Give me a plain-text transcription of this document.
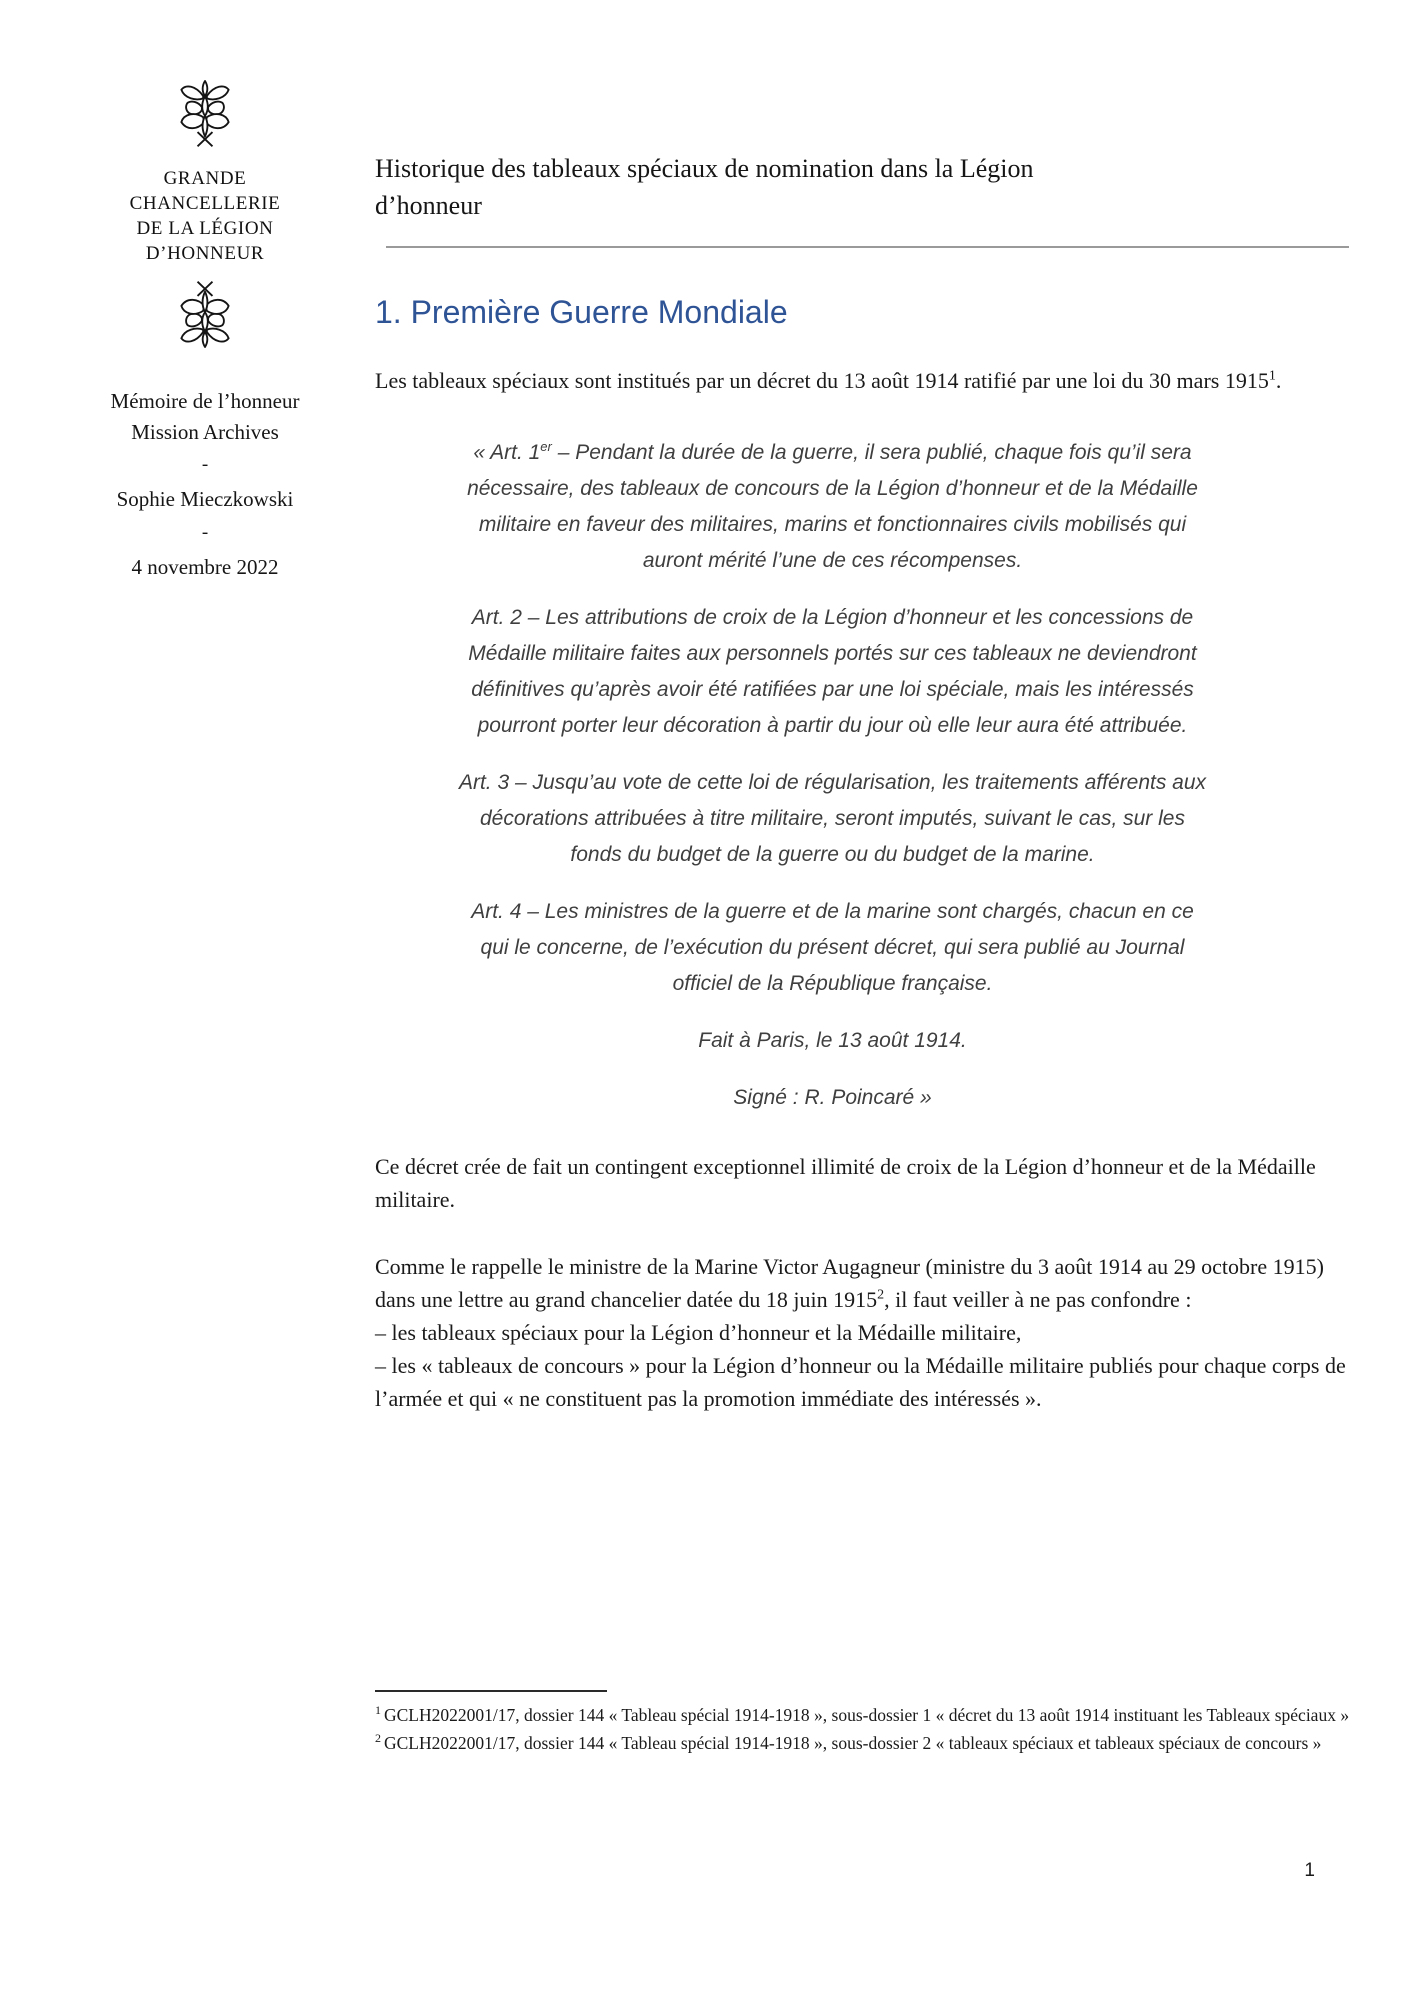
GRANDE
CHANCELLERIE
DE LA LÉGION
D’HONNEUR
Mémoire de l’honneur
Mission Archives
-
Sophie Mieczkowski
-
4 novembre 2022
Historique des tableaux spéciaux de nomination dans la Légion
d’honneur
1. Première Guerre Mondiale

Les tableaux spéciaux sont institués par un décret du 13 août 1914 ratifié par une loi du 30 mars 1915$^1$.

« Art. 1er – Pendant la durée de la guerre, il sera publié, chaque fois qu’il sera nécessaire, des tableaux de concours de la Légion d’honneur et de la Médaille militaire en faveur des militaires, marins et fonctionnaires civils mobilisés qui auront mérité l’une de ces récompenses.

Art. 2 – Les attributions de croix de la Légion d’honneur et les concessions de Médaille militaire faites aux personnels portés sur ces tableaux ne deviendront définitives qu’après avoir été ratifiées par une loi spéciale, mais les intéressés pourront porter leur décoration à partir du jour où elle leur aura été attribuée.

Art. 3 – Jusqu’au vote de cette loi de régularisation, les traitements afférents aux décorations attribuées à titre militaire, seront imputés, suivant le cas, sur les fonds du budget de la guerre ou du budget de la marine.

Art. 4 – Les ministres de la guerre et de la marine sont chargés, chacun en ce qui le concerne, de l’exécution du présent décret, qui sera publié au Journal officiel de la République française.

Fait à Paris, le 13 août 1914.

Signé : R. Poincaré »

Ce décret crée de fait un contingent exceptionnel illimité de croix de la Légion d’honneur et de la Médaille militaire.

Comme le rappelle le ministre de la Marine Victor Augagneur (ministre du 3 août 1914 au 29 octobre 1915) dans une lettre au grand chancelier datée du 18 juin 1915$^2$, il faut veiller à ne pas confondre :

– les tableaux spéciaux pour la Légion d’honneur et la Médaille militaire,

– les « tableaux de concours » pour la Légion d’honneur ou la Médaille militaire publiés pour chaque corps de l’armée et qui « ne constituent pas la promotion immédiate des intéressés ».

$^1$ GCLH2022001/17, dossier 144 « Tableau spécial 1914-1918 », sous-dossier 1 « décret du 13 août 1914 instituant les Tableaux spéciaux »

$^2$ GCLH2022001/17, dossier 144 « Tableau spécial 1914-1918 », sous-dossier 2 « tableaux spéciaux et tableaux spéciaux de concours »

1
